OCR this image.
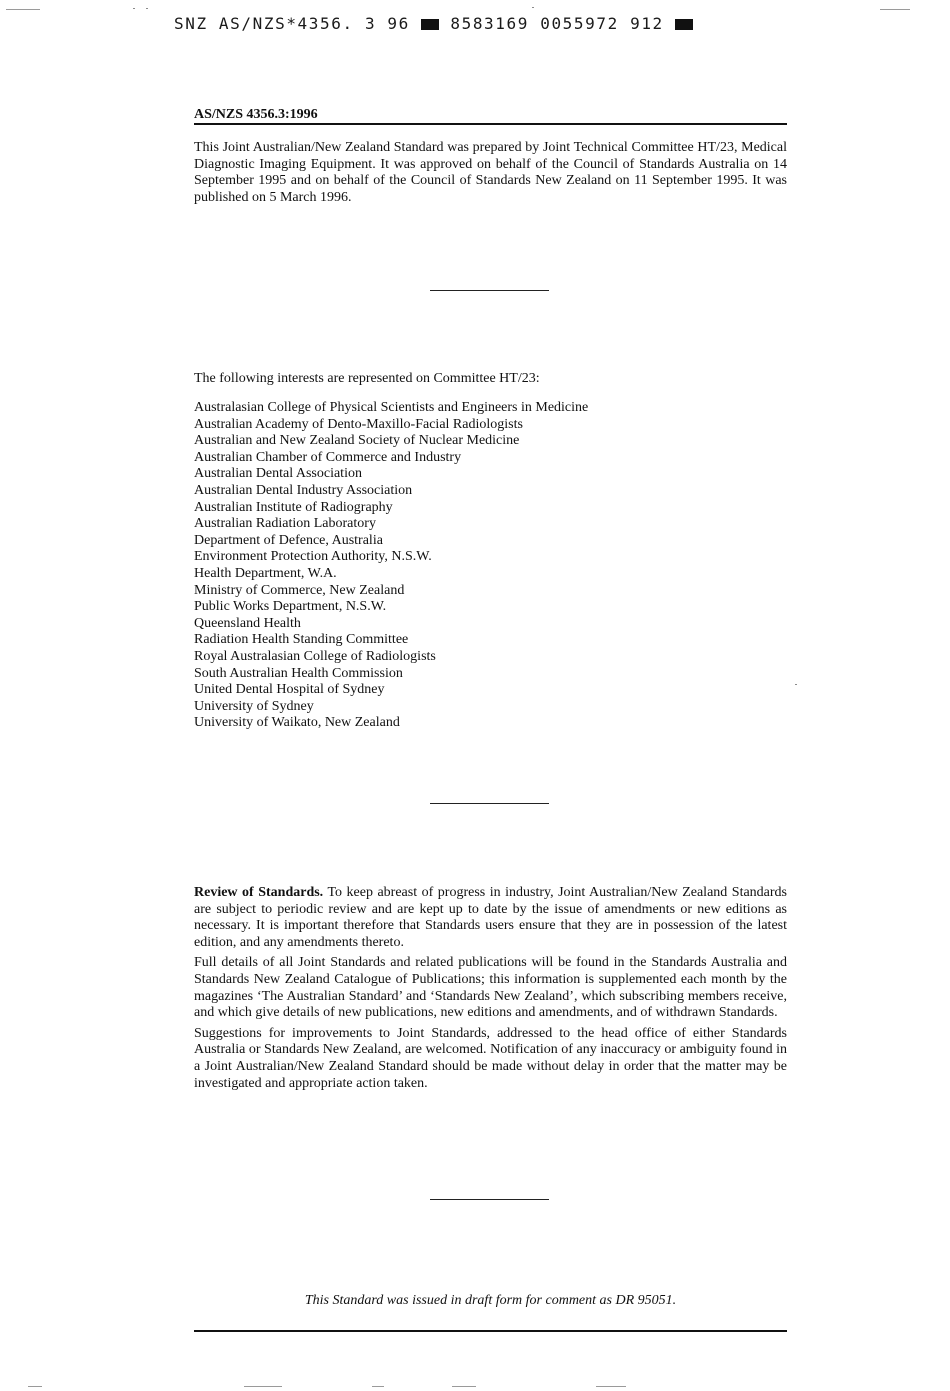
SNZ AS/NZS*4356. 3 96	8583169 0055972 912
AS/NZS 4356.3:1996

This Joint Australian/New Zealand Standard was prepared by Joint Technical Committee HT/23, Medical Diagnostic Imaging Equipment. It was approved on behalf of the Council of Standards Australia on 14 September 1995 and on behalf of the Council of Standards New Zealand on 11 September 1995. It was published on 5 March 1996.

The following interests are represented on Committee HT/23:
Australasian College of Physical Scientists and Engineers in Medicine
Australian Academy of Dento-Maxillo-Facial Radiologists
Australian and New Zealand Society of Nuclear Medicine
Australian Chamber of Commerce and Industry
Australian Dental Association
Australian Dental Industry Association
Australian Institute of Radiography
Australian Radiation Laboratory
Department of Defence, Australia
Environment Protection Authority, N.S.W.
Health Department, W.A.
Ministry of Commerce, New Zealand
Public Works Department, N.S.W.
Queensland Health
Radiation Health Standing Committee
Royal Australasian College of Radiologists
South Australian Health Commission
United Dental Hospital of Sydney
University of Sydney
University of Waikato, New Zealand

Review of Standards. To keep abreast of progress in industry, Joint Australian/New Zealand Standards are subject to periodic review and are kept up to date by the issue of amendments or new editions as necessary. It is important therefore that Standards users ensure that they are in possession of the latest edition, and any amendments thereto.

Full details of all Joint Standards and related publications will be found in the Standards Australia and Standards New Zealand Catalogue of Publications; this information is supplemented each month by the magazines ‘The Australian Standard’ and ‘Standards New Zealand’, which subscribing members receive, and which give details of new publications, new editions and amendments, and of withdrawn Standards.

Suggestions for improvements to Joint Standards, addressed to the head office of either Standards Australia or Standards New Zealand, are welcomed. Notification of any inaccuracy or ambiguity found in a Joint Australian/New Zealand Standard should be made without delay in order that the matter may be investigated and appropriate action taken.

This Standard was issued in draft form for comment as DR 95051.
